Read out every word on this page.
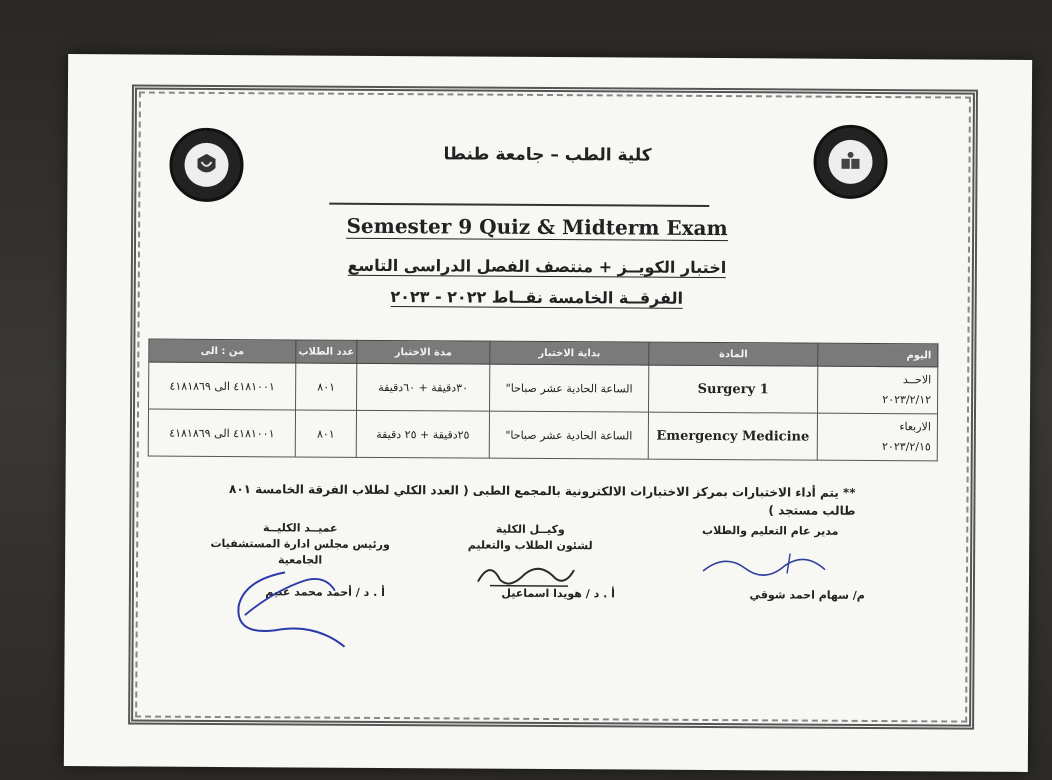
كلية الطب – جامعة طنطا
Semester 9 Quiz & Midterm Exam
اختبار الكويــز + منتصف الفصل الدراسى التاسع
الفرقــة الخامسة نقــاط ٢٠٢٢ - ٢٠٢٣
اليوم	المادة	بداية الاختبار	مدة الاختبار	عدد الطلاب	من : الى

الاحــد
٢٠٢٣/٢/١٢	Surgery 1	الساعة الحادية عشر صباحا"	٣٠دقيقة + ٦٠دقيقة	٨٠١	٤١٨١٠٠١ الى ٤١٨١٨٦٩

الاربعاء
٢٠٢٣/٢/١٥	Emergency Medicine	الساعة الحادية عشر صباحا"	٢٥دقيقة + ٢٥ دقيقة	٨٠١	٤١٨١٠٠١ الى ٤١٨١٨٦٩
** يتم أداء الاختبارات بمركز الاختبارات الالكترونية بالمجمع الطبى ( العدد الكلي لطلاب الفرقة الخامسة ٨٠١ طالب مستجد )
مدير عام التعليم والطلاب
وكيــل الكلية
لشئون الطلاب والتعليم
عميــد الكليــة
ورئيس مجلس ادارة المستشفيات الجامعية
م/ سهام احمد شوقي
أ . د / هويدا اسماعيل
أ . د / أحمد محمد غنيم
